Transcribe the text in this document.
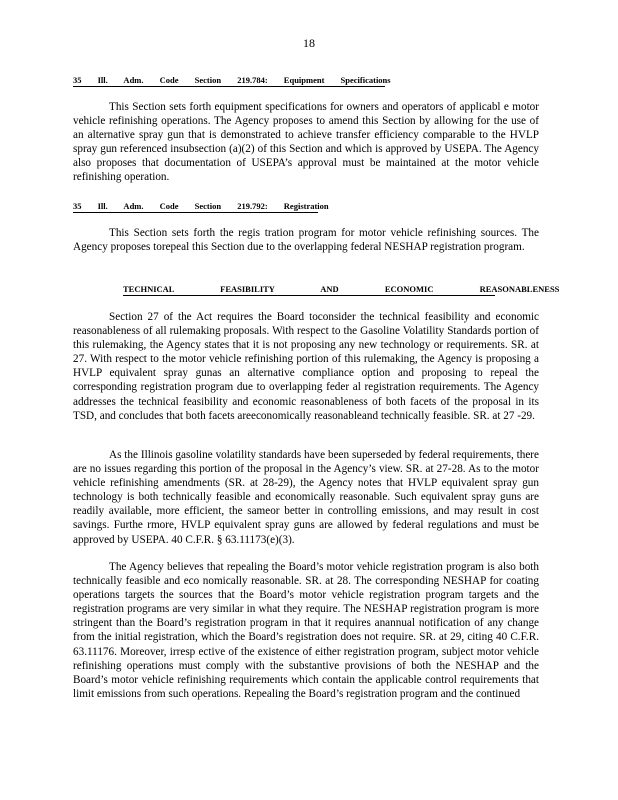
18
35 Ill. Adm. Code Section 219.784: Equipment Specifications

This Section sets forth equipment specifications for owners and operators of applicabl e motor vehicle refinishing operations. The Agency proposes to amend this Section by allowing for the use of an alternative spray gun that is demonstrated to achieve transfer efficiency comparable to the HVLP spray gun referenced insubsection (a)(2) of this Section and which is approved by USEPA. The Agency also proposes that documentation of USEPA’s approval must be maintained at the motor vehicle refinishing operation.

35 Ill. Adm. Code Section 219.792: Registration

This Section sets forth the regis tration program for motor vehicle refinishing sources. The Agency proposes torepeal this Section due to the overlapping federal NESHAP registration program.

TECHNICAL FEASIBILITY AND ECONOMIC REASONABLENESS

Section 27 of the Act requires the Board toconsider the technical feasibility and economic reasonableness of all rulemaking proposals. With respect to the Gasoline Volatility Standards portion of this rulemaking, the Agency states that it is not proposing any new technology or requirements. SR. at 27. With respect to the motor vehicle refinishing portion of this rulemaking, the Agency is proposing a HVLP equivalent spray gunas an alternative compliance option and proposing to repeal the corresponding registration program due to overlapping feder al registration requirements. The Agency addresses the technical feasibility and economic reasonableness of both facets of the proposal in its TSD, and concludes that both facets areeconomically reasonableand technically feasible. SR. at 27 -29.

As the Illinois gasoline volatility standards have been superseded by federal requirements, there are no issues regarding this portion of the proposal in the Agency’s view. SR. at 27-28. As to the motor vehicle refinishing amendments (SR. at 28-29), the Agency notes that HVLP equivalent spray gun technology is both technically feasible and economically reasonable. Such equivalent spray guns are readily available, more efficient, the sameor better in controlling emissions, and may result in cost savings. Furthe rmore, HVLP equivalent spray guns are allowed by federal regulations and must be approved by USEPA. 40 C.F.R. § 63.11173(e)(3).

The Agency believes that repealing the Board’s motor vehicle registration program is also both technically feasible and eco nomically reasonable. SR. at 28. The corresponding NESHAP for coating operations targets the sources that the Board’s motor vehicle registration program targets and the registration programs are very similar in what they require. The NESHAP registration program is more stringent than the Board’s registration program in that it requires anannual notification of any change from the initial registration, which the Board’s registration does not require. SR. at 29, citing 40 C.F.R. 63.11176. Moreover, irresp ective of the existence of either registration program, subject motor vehicle refinishing operations must comply with the substantive provisions of both the NESHAP and the Board’s motor vehicle refinishing requirements which contain the applicable control requirements that limit emissions from such operations. Repealing the Board’s registration program and the continued
